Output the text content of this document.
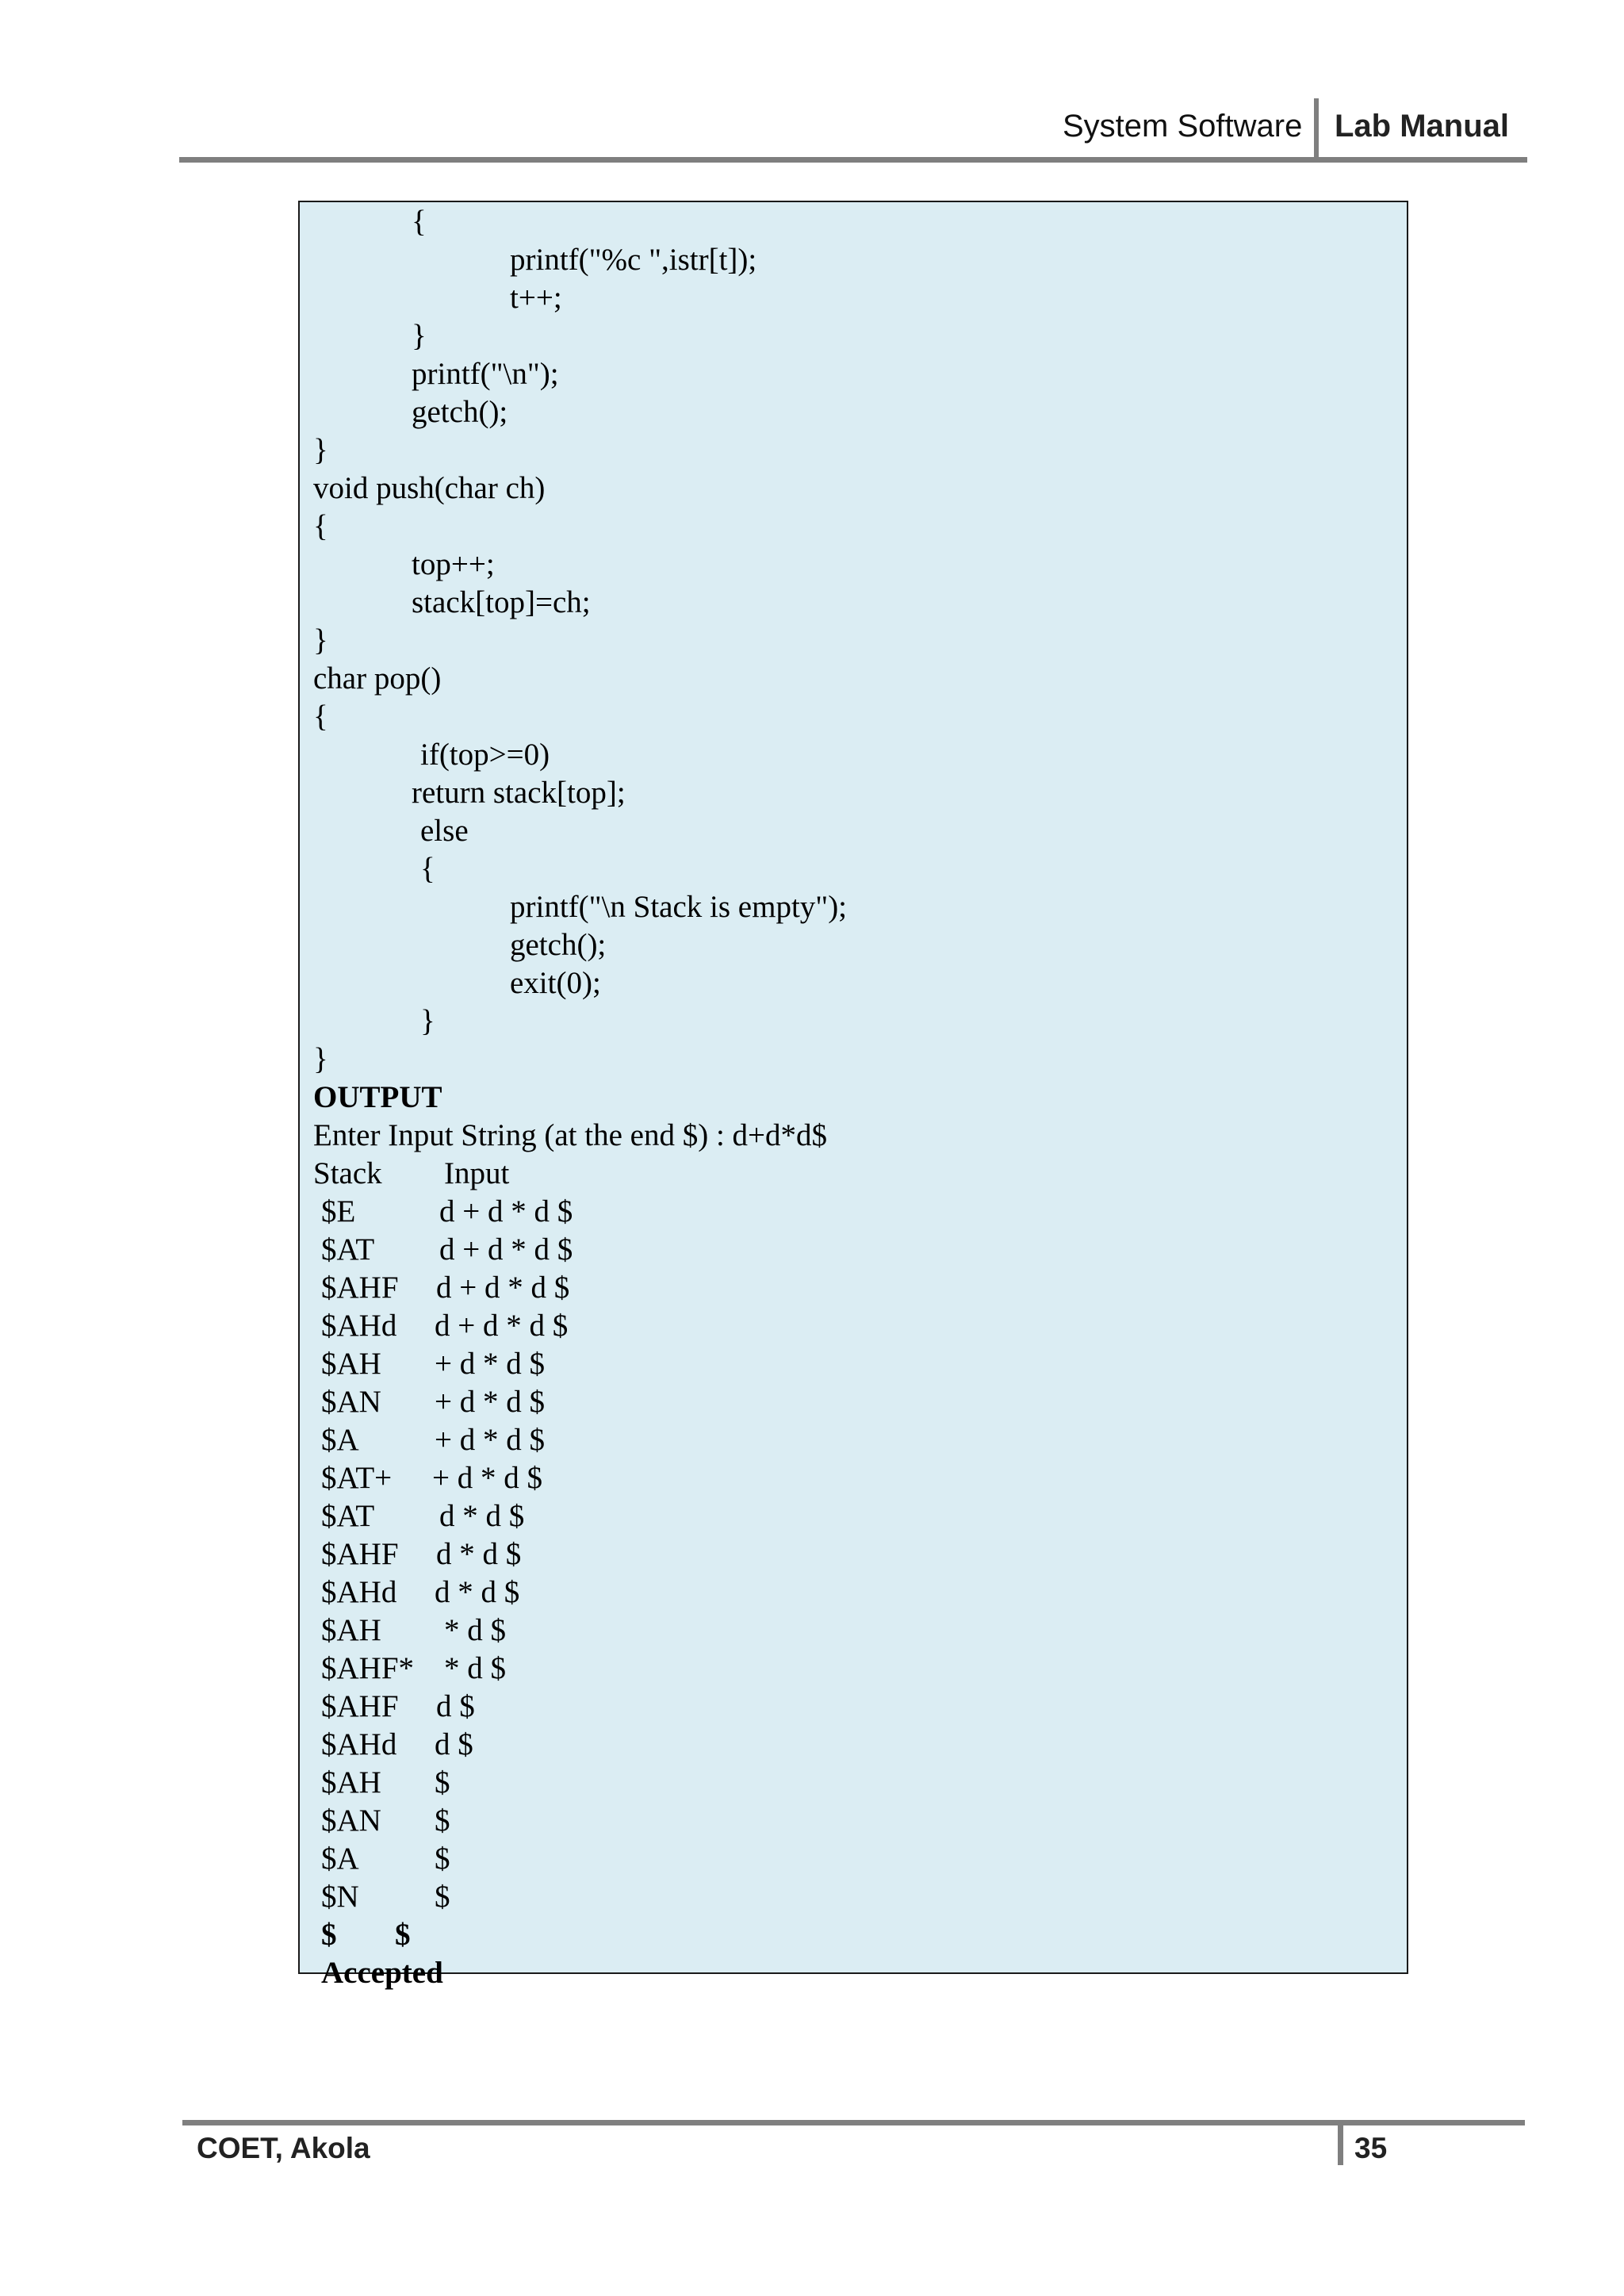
System Software Lab Manual
{
printf("%c ",istr[t]);
t++;
}
printf("\n");
getch();
}
void push(char ch)
{
top++;
stack[top]=ch;
}
char pop()
{
if(top>=0)
return stack[top];
else
{
printf("\n Stack is empty");
getch();
exit(0);
}
}
OUTPUT
Enter Input String (at the end $) : d+d*d$
Stack Input
$E	d + d * d $
$AT d + d * d $
$AHF d + d * d $
$AHd d + d * d $
$AH + d * d $
$AN + d * d $
$A + d * d $
$AT+ + d * d $
$AT d * d $
$AHF d * d $
$AHd d * d $
$AH * d $
$AHF* * d $
$AHF d $
$AHd d $
$AH $
$AN $
$A $
$N $
$ $
Accepted
COET, Akola	35
